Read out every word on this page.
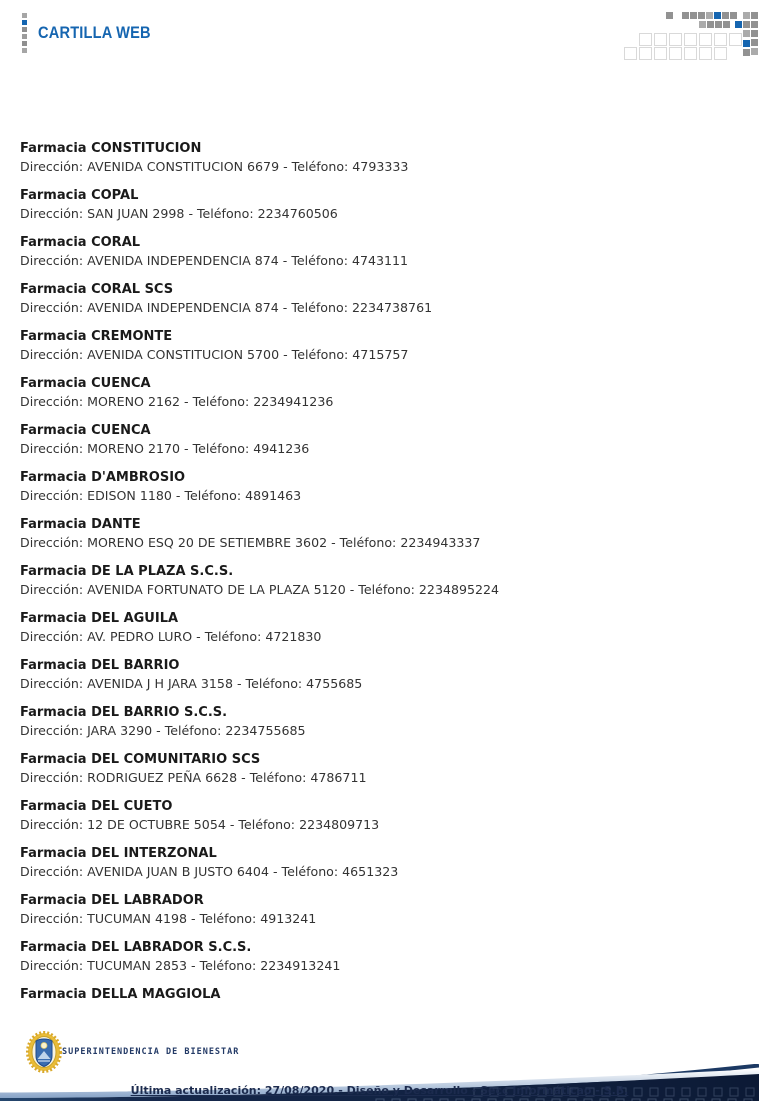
CARTILLA WEB
Farmacia CONSTITUCION

Dirección: AVENIDA CONSTITUCION 6679 - Teléfono: 4793333

Farmacia COPAL

Dirección: SAN JUAN 2998 - Teléfono: 2234760506

Farmacia CORAL

Dirección: AVENIDA INDEPENDENCIA 874 - Teléfono: 4743111

Farmacia CORAL SCS

Dirección: AVENIDA INDEPENDENCIA 874 - Teléfono: 2234738761

Farmacia CREMONTE

Dirección: AVENIDA CONSTITUCION 5700 - Teléfono: 4715757

Farmacia CUENCA

Dirección: MORENO 2162 - Teléfono: 2234941236

Farmacia CUENCA

Dirección: MORENO 2170 - Teléfono: 4941236

Farmacia D'AMBROSIO

Dirección: EDISON 1180 - Teléfono: 4891463

Farmacia DANTE

Dirección: MORENO ESQ 20 DE SETIEMBRE 3602 - Teléfono: 2234943337

Farmacia DE LA PLAZA S.C.S.

Dirección: AVENIDA FORTUNATO DE LA PLAZA 5120 - Teléfono: 2234895224

Farmacia DEL AGUILA

Dirección: AV. PEDRO LURO - Teléfono: 4721830

Farmacia DEL BARRIO

Dirección: AVENIDA J H JARA 3158 - Teléfono: 4755685

Farmacia DEL BARRIO S.C.S.

Dirección: JARA 3290 - Teléfono: 2234755685

Farmacia DEL COMUNITARIO SCS

Dirección: RODRIGUEZ PEÑA 6628 - Teléfono: 4786711

Farmacia DEL CUETO

Dirección: 12 DE OCTUBRE 5054 - Teléfono: 2234809713

Farmacia DEL INTERZONAL

Dirección: AVENIDA JUAN B JUSTO 6404 - Teléfono: 4651323

Farmacia DEL LABRADOR

Dirección: TUCUMAN 4198 - Teléfono: 4913241

Farmacia DEL LABRADOR S.C.S.

Dirección: TUCUMAN 2853 - Teléfono: 2234913241

Farmacia DELLA MAGGIOLA
SUPERINTENDENCIA DE BIENESTAR
Última actualización: 27/08/2020.- Diseño y Desarrollo - Secc Informáticao - S.B.
